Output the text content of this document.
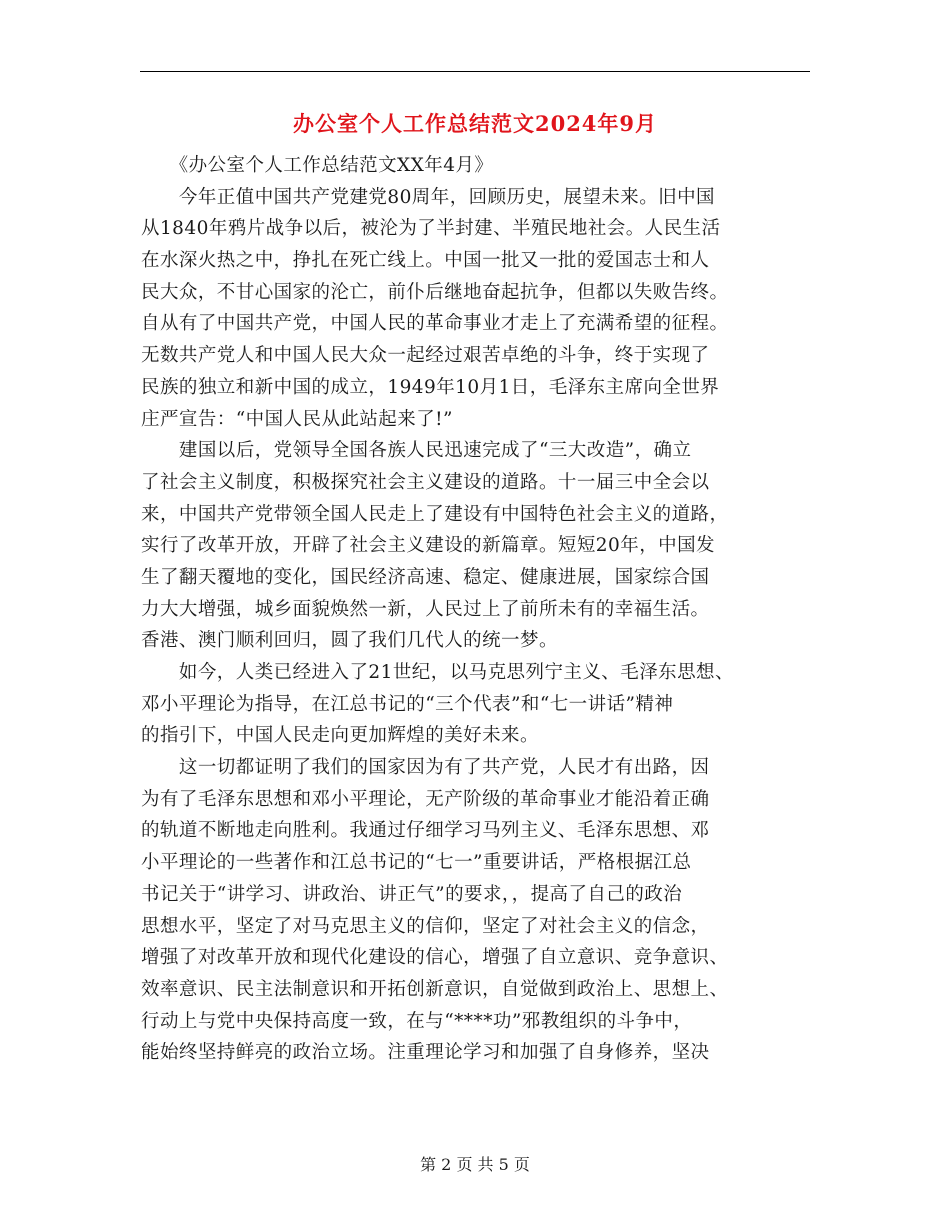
办公室个人工作总结范文2024年9月
　　《办公室个人工作总结范文XX年4月》
　　今年正值中国共产党建党80周年，回顾历史，展望未来。旧中国
从1840年鸦片战争以后，被沦为了半封建、半殖民地社会。人民生活
在水深火热之中，挣扎在死亡线上。中国一批又一批的爱国志士和人
民大众，不甘心国家的沦亡，前仆后继地奋起抗争，但都以失败告终。
自从有了中国共产党，中国人民的革命事业才走上了充满希望的征程。
无数共产党人和中国人民大众一起经过艰苦卓绝的斗争，终于实现了
民族的独立和新中国的成立，1949年10月1日，毛泽东主席向全世界
庄严宣告：“中国人民从此站起来了!”
　　建国以后，党领导全国各族人民迅速完成了“三大改造”，确立
了社会主义制度，积极探究社会主义建设的道路。十一届三中全会以
来，中国共产党带领全国人民走上了建设有中国特色社会主义的道路，
实行了改革开放，开辟了社会主义建设的新篇章。短短20年，中国发
生了翻天覆地的变化，国民经济高速、稳定、健康进展，国家综合国
力大大增强，城乡面貌焕然一新，人民过上了前所未有的幸福生活。
香港、澳门顺利回归，圆了我们几代人的统一梦。
　　如今，人类已经进入了21世纪，以马克思列宁主义、毛泽东思想、
邓小平理论为指导，在江总书记的“三个代表”和“七一讲话”精神
的指引下，中国人民走向更加辉煌的美好未来。
　　这一切都证明了我们的国家因为有了共产党，人民才有出路，因
为有了毛泽东思想和邓小平理论，无产阶级的革命事业才能沿着正确
的轨道不断地走向胜利。我通过仔细学习马列主义、毛泽东思想、邓
小平理论的一些著作和江总书记的“七一”重要讲话，严格根据江总
书记关于“讲学习、讲政治、讲正气”的要求，，提高了自己的政治
思想水平，坚定了对马克思主义的信仰，坚定了对社会主义的信念，
增强了对改革开放和现代化建设的信心，增强了自立意识、竞争意识、
效率意识、民主法制意识和开拓创新意识，自觉做到政治上、思想上、
行动上与党中央保持高度一致，在与“****功”邪教组织的斗争中，
能始终坚持鲜亮的政治立场。注重理论学习和加强了自身修养，坚决
第 2 页 共 5 页
